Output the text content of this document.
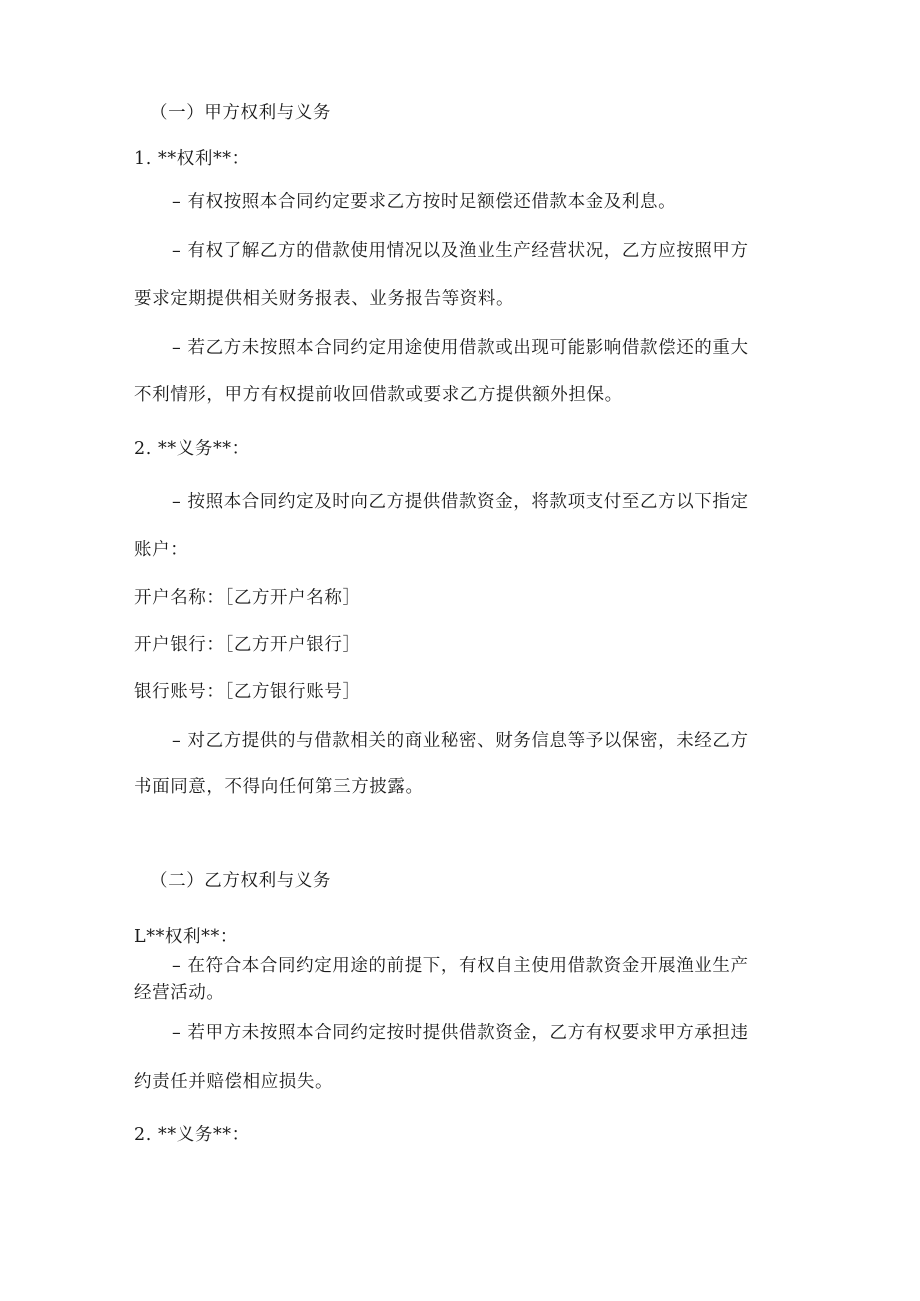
（一）甲方权利与义务
1. **权利**：
– 有权按照本合同约定要求乙方按时足额偿还借款本金及利息。
– 有权了解乙方的借款使用情况以及渔业生产经营状况，乙方应按照甲方
要求定期提供相关财务报表、业务报告等资料。
– 若乙方未按照本合同约定用途使用借款或出现可能影响借款偿还的重大
不利情形，甲方有权提前收回借款或要求乙方提供额外担保。
2. **义务**：
– 按照本合同约定及时向乙方提供借款资金，将款项支付至乙方以下指定
账户：
开户名称：［乙方开户名称］
开户银行：［乙方开户银行］
银行账号：［乙方银行账号］
– 对乙方提供的与借款相关的商业秘密、财务信息等予以保密，未经乙方
书面同意，不得向任何第三方披露。
（二）乙方权利与义务
L**权利**：
– 在符合本合同约定用途的前提下，有权自主使用借款资金开展渔业生产
经营活动。
– 若甲方未按照本合同约定按时提供借款资金，乙方有权要求甲方承担违
约责任并赔偿相应损失。
2. **义务**：
